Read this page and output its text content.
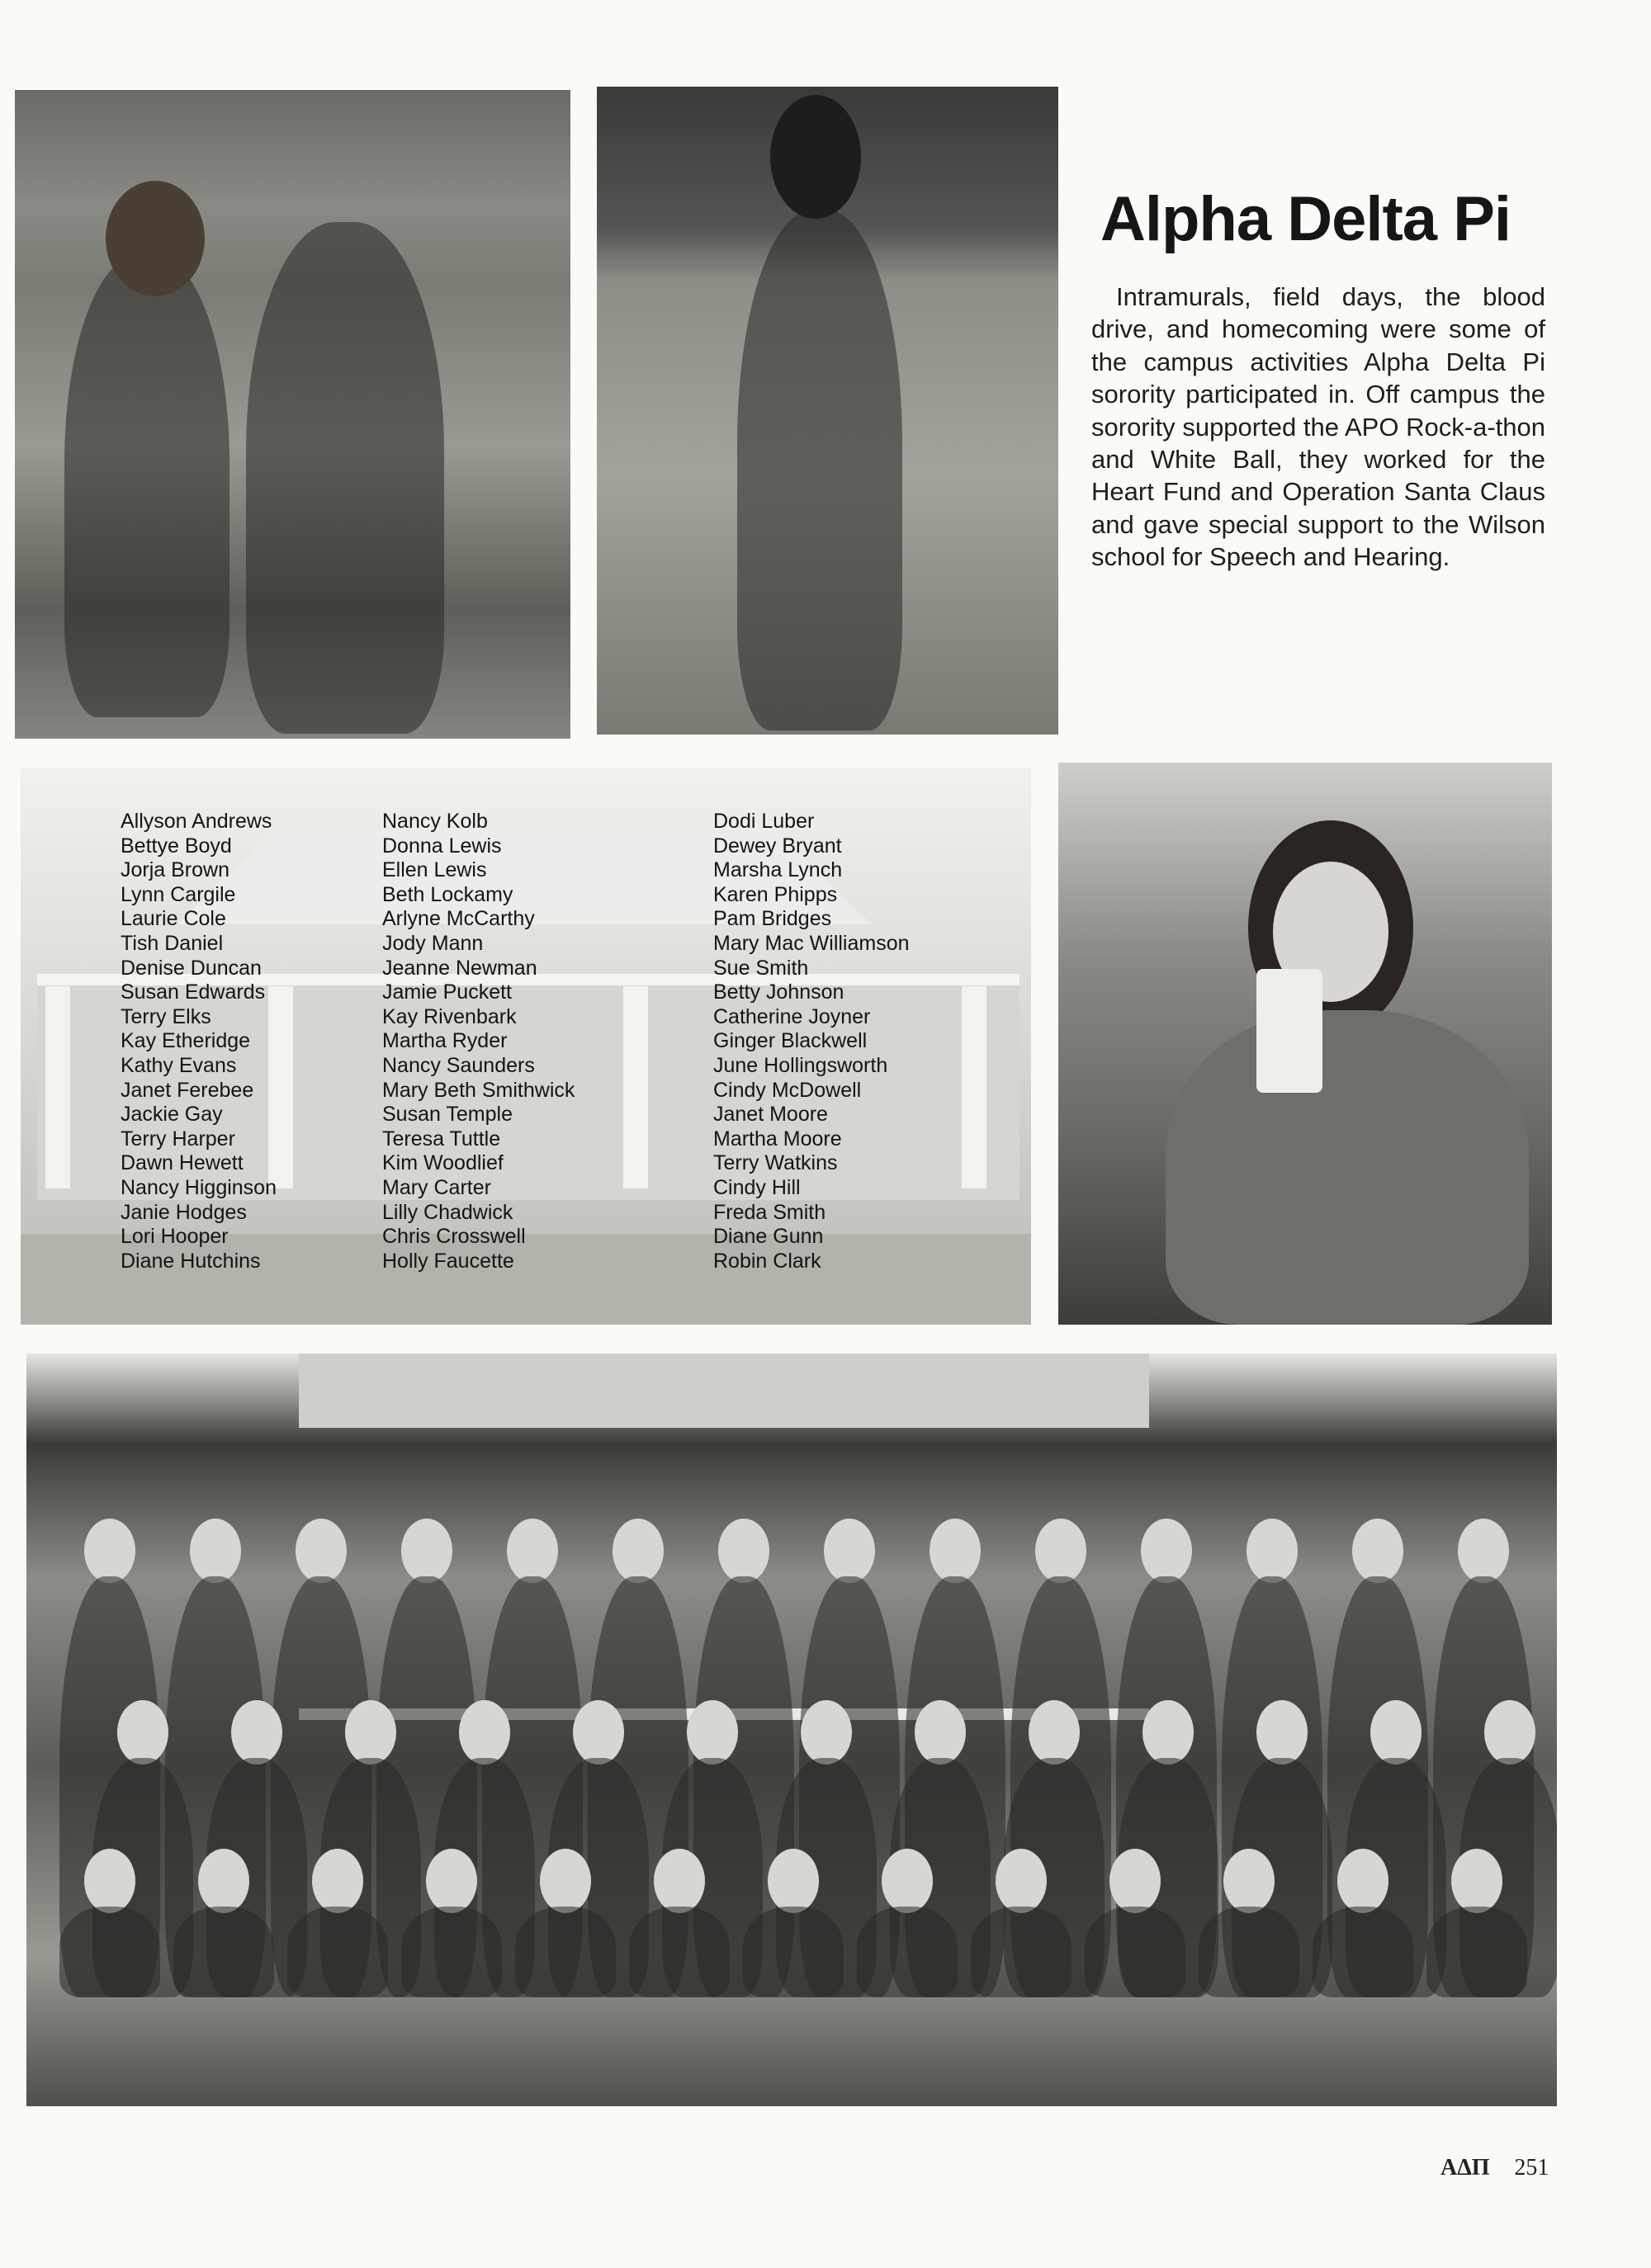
Alpha Delta Pi

Intramurals, field days, the blood drive, and homecoming were some of the campus activities Alpha Delta Pi sorority participated in. Off campus the sorority supported the APO Rock-a-thon and White Ball, they worked for the Heart Fund and Operation Santa Claus and gave special support to the Wilson school for Speech and Hearing.

Allyson Andrews
Bettye Boyd
Jorja Brown
Lynn Cargile
Laurie Cole
Tish Daniel
Denise Duncan
Susan Edwards
Terry Elks
Kay Etheridge
Kathy Evans
Janet Ferebee
Jackie Gay
Terry Harper
Dawn Hewett
Nancy Higginson
Janie Hodges
Lori Hooper
Diane Hutchins
Nancy Kolb
Donna Lewis
Ellen Lewis
Beth Lockamy
Arlyne McCarthy
Jody Mann
Jeanne Newman
Jamie Puckett
Kay Rivenbark
Martha Ryder
Nancy Saunders
Mary Beth Smithwick
Susan Temple
Teresa Tuttle
Kim Woodlief
Mary Carter
Lilly Chadwick
Chris Crosswell
Holly Faucette
Dodi Luber
Dewey Bryant
Marsha Lynch
Karen Phipps
Pam Bridges
Mary Mac Williamson
Sue Smith
Betty Johnson
Catherine Joyner
Ginger Blackwell
June Hollingsworth
Cindy McDowell
Janet Moore
Martha Moore
Terry Watkins
Cindy Hill
Freda Smith
Diane Gunn
Robin Clark
ΑΔΠ 251
